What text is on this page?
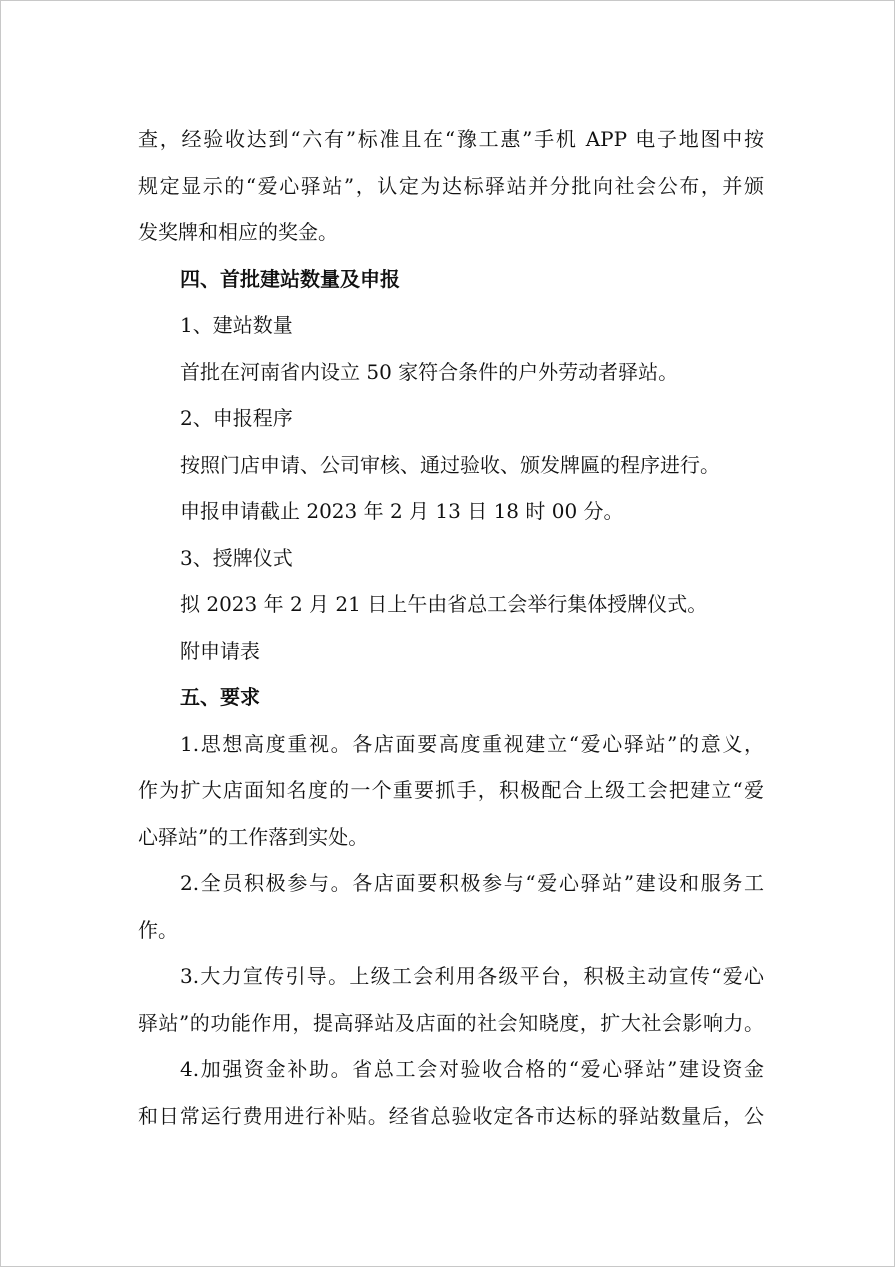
查，经验收达到“六有”标准且在“豫工惠”手机 APP 电子地图中按
规定显示的“爱心驿站”，认定为达标驿站并分批向社会公布，并颁
发奖牌和相应的奖金。
四、首批建站数量及申报
1、建站数量
首批在河南省内设立 50 家符合条件的户外劳动者驿站。
2、申报程序
按照门店申请、公司审核、通过验收、颁发牌匾的程序进行。
申报申请截止 2023 年 2 月 13 日 18 时 00 分。
3、授牌仪式
拟 2023 年 2 月 21 日上午由省总工会举行集体授牌仪式。
附申请表
五、要求
1.思想高度重视。各店面要高度重视建立“爱心驿站”的意义，
作为扩大店面知名度的一个重要抓手，积极配合上级工会把建立“爱
心驿站”的工作落到实处。
2.全员积极参与。各店面要积极参与“爱心驿站”建设和服务工
作。
3.大力宣传引导。上级工会利用各级平台，积极主动宣传“爱心
驿站”的功能作用，提高驿站及店面的社会知晓度，扩大社会影响力。
4.加强资金补助。省总工会对验收合格的“爱心驿站”建设资金
和日常运行费用进行补贴。经省总验收定各市达标的驿站数量后，公
